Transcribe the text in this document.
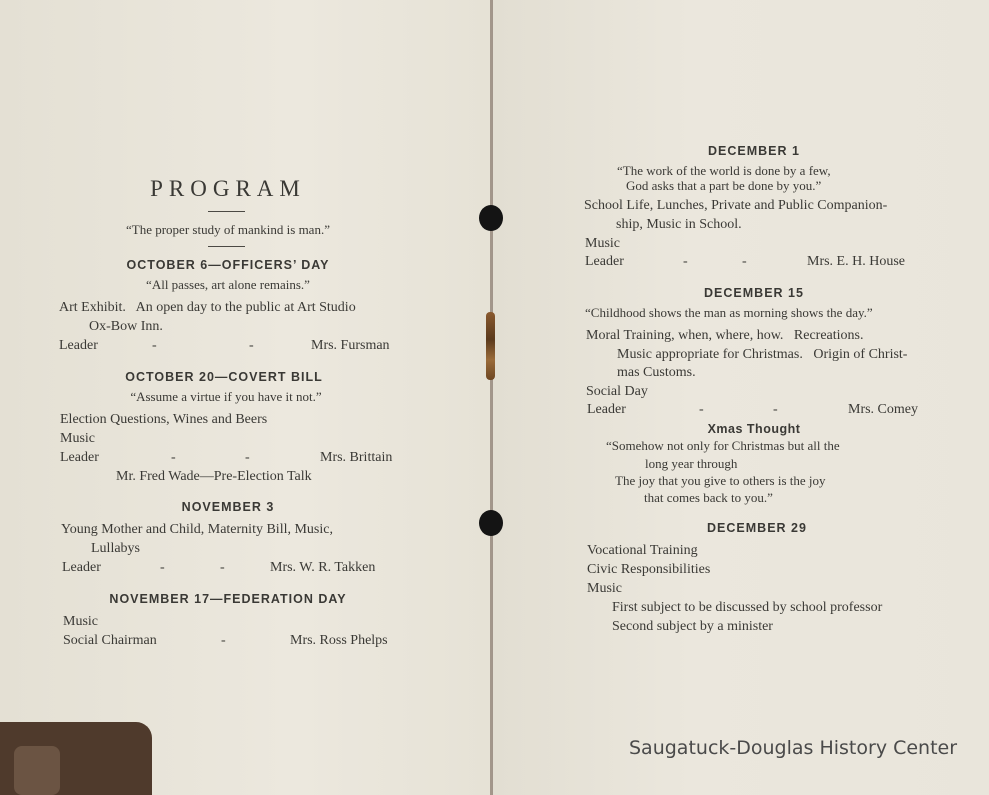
PROGRAM
“The proper study of mankind is man.”
OCTOBER 6—OFFICERS’ DAY
“All passes, art alone remains.”
Art Exhibit.   An open day to the public at Art Studio
Ox-Bow Inn.
Leader	-	-	Mrs. Fursman
OCTOBER 20—COVERT BILL
“Assume a virtue if you have it not.”
Election Questions, Wines and Beers
Music
Leader	-	-	Mrs. Brittain
Mr. Fred Wade—Pre-Election Talk
NOVEMBER 3
Young Mother and Child, Maternity Bill, Music,
Lullabys
Leader	-	-	Mrs. W. R. Takken
NOVEMBER 17—FEDERATION DAY
Music
Social Chairman	-	Mrs. Ross Phelps
DECEMBER 1
“The work of the world is done by a few,
God asks that a part be done by you.”
School Life, Lunches, Private and Public Companion-
ship, Music in School.
Music
Leader	-	-	Mrs. E. H. House
DECEMBER 15
“Childhood shows the man as morning shows the day.”
Moral Training, when, where, how.   Recreations.
Music appropriate for Christmas.   Origin of Christ-
mas Customs.
Social Day
Leader	-	-	Mrs. Comey
Xmas Thought
“Somehow not only for Christmas but all the
long year through
The joy that you give to others is the joy
that comes back to you.”
DECEMBER 29
Vocational Training
Civic Responsibilities
Music
First subject to be discussed by school professor
Second subject by a minister
Saugatuck-Douglas History Center
